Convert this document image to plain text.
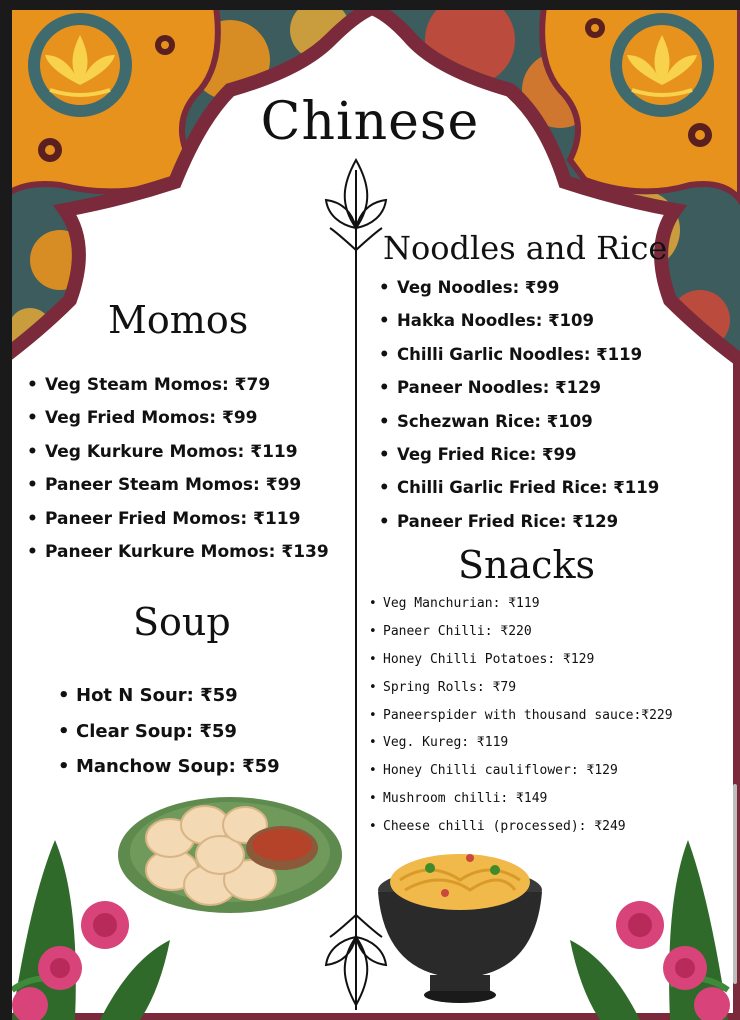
Chinese
Momos
• Veg Steam Momos: ₹79
• Veg Fried Momos: ₹99
• Veg Kurkure Momos: ₹119
• Paneer Steam Momos: ₹99
• Paneer Fried Momos: ₹119
• Paneer Kurkure Momos: ₹139
Soup
• Hot N Sour: ₹59
• Clear Soup: ₹59
• Manchow Soup: ₹59
Noodles and Rice
• Veg Noodles: ₹99
• Hakka Noodles: ₹109
• Chilli Garlic Noodles: ₹119
• Paneer Noodles: ₹129
• Schezwan Rice: ₹109
• Veg Fried Rice: ₹99
• Chilli Garlic Fried Rice: ₹119
• Paneer Fried Rice: ₹129
Snacks
• Veg Manchurian: ₹119
• Paneer Chilli: ₹220
• Honey Chilli Potatoes: ₹129
• Spring Rolls: ₹79
• Paneerspider with thousand sauce:₹229
• Veg. Kureg: ₹119
• Honey Chilli cauliflower: ₹129
• Mushroom chilli: ₹149
• Cheese chilli (processed): ₹249
